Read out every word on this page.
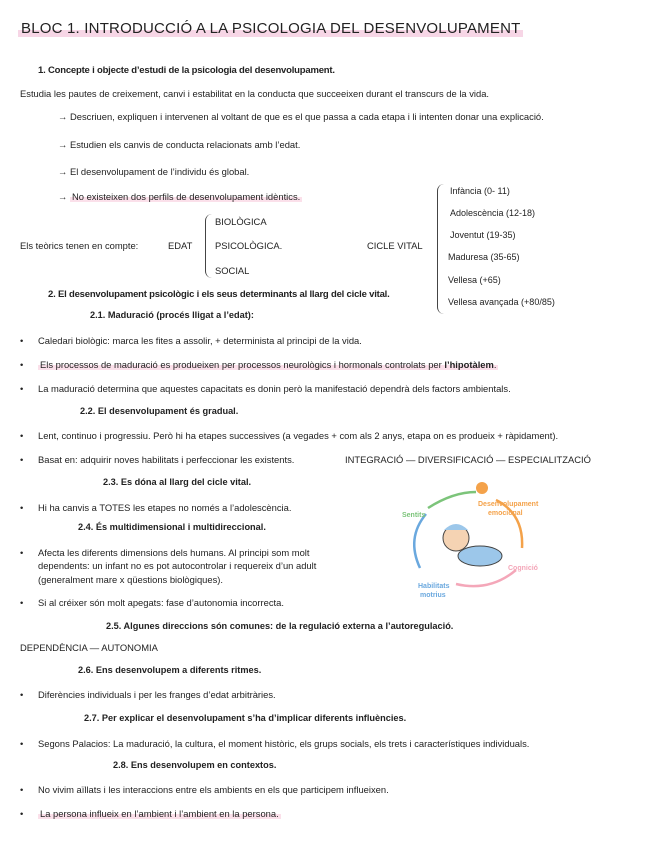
BLOC 1. INTRODUCCIÓ A LA PSICOLOGIA DEL DESENVOLUPAMENT
1. Concepte i objecte d’estudi de la psicologia del desenvolupament.
Estudia les pautes de creixement, canvi i estabilitat en la conducta que succeeixen durant el transcurs de la vida.
→ Descriuen, expliquen i intervenen al voltant de que es el que passa a cada etapa i li intenten donar una explicació.
→ Estudien els canvis de conducta relacionats amb l’edat.
→ El desenvolupament de l’individu és global.
→ No existeixen dos perfils de desenvolupament idèntics.
Els teòrics tenen en compte:	EDAT
BIOLÒGICA
PSICOLÒGICA.
SOCIAL
CICLE VITAL
Infància (0- 11)
Adolescència (12-18)
Joventut (19-35)
Maduresa (35-65)
Vellesa (+65)
Vellesa avançada (+80/85)
2. El desenvolupament psicològic i els seus determinants al llarg del cicle vital.
2.1. Maduració (procés lligat a l’edat):
• Caledari biològic: marca les fites a assolir, + determinista al principi de la vida.
• Els processos de maduració es produeixen per processos neurològics i hormonals controlats per l’hipotàlem.
• La maduració determina que aquestes capacitats es donin però la manifestació dependrà dels factors ambientals.
2.2. El desenvolupament és gradual.
• Lent, continuo i progressiu. Però hi ha etapes successives (a vegades + com als 2 anys, etapa on es produeix + ràpidament).
• Basat en: adquirir noves habilitats i perfeccionar les existents.	INTEGRACIÓ — DIVERSIFICACIÓ — ESPECIALITZACIÓ
2.3. Es dóna al llarg del cicle vital.
• Hi ha canvis a TOTES les etapes no només a l’adolescència.
2.4. És multidimensional i multidireccional.
• Afecta les diferents dimensions dels humans. Al principi som molt
dependents: un infant no es pot autocontrolar i requereix d’un adult
(generalment mare x qüestions biològiques).
• Si al créixer són molt apegats: fase d’autonomia incorrecta.
Sentits
Desenvolupament
emocional
Cognició
Habilitats
motrius
2.5. Algunes direccions són comunes: de la regulació externa a l’autoregulació.
DEPENDÈNCIA — AUTONOMIA
2.6. Ens desenvolupem a diferents ritmes.
• Diferències individuals i per les franges d’edat arbitràries.
2.7. Per explicar el desenvolupament s’ha d’implicar diferents influències.
• Segons Palacios: La maduració, la cultura, el moment històric, els grups socials, els trets i característiques individuals.
2.8. Ens desenvolupem en contextos.
• No vivim aïllats i les interaccions entre els ambients en els que participem influeixen.
• La persona influeix en l’ambient i l’ambient en la persona.
